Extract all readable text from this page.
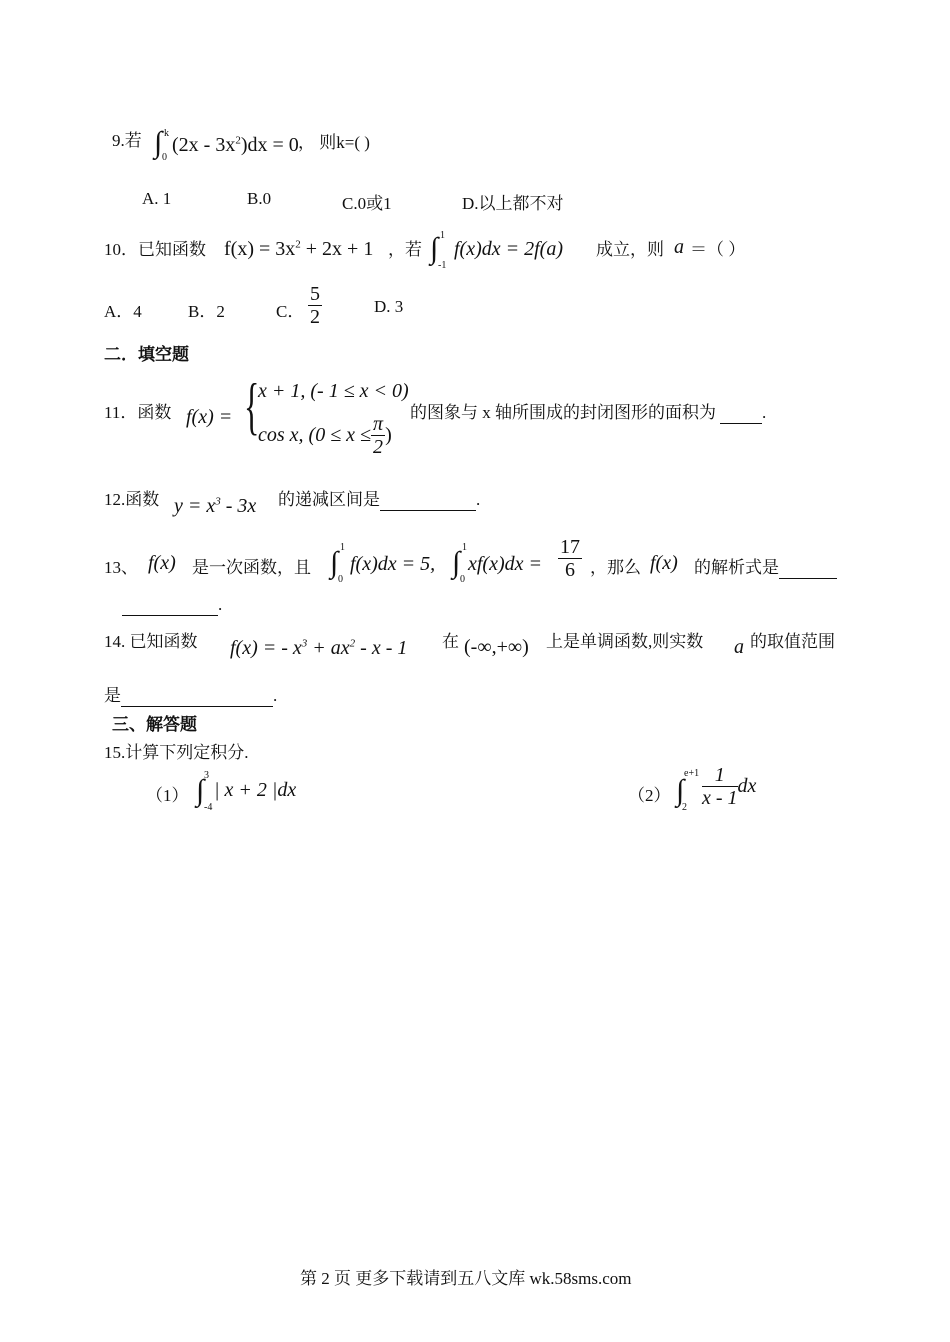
9.若 ∫ k
0
$(2x - 3x^2)dx = 0$ ， 则k=( )
A. 1	B.0	C.0或1	D.以上都不对
10．已知函数 $f(x) = 3x^2 + 2x + 1$ ，若 ∫ 1
-1
f(x)dx = 2f(a) 成立，则 a ＝（ ）
A．4	B．2	C． $\frac{5}{2}$	D. 3
二．填空题
11．函数 f(x) = {
x + 1, (- 1 ≤ x < 0)
cos x, ($0 \le x \le \frac{\pi}{2}$ )
的图象与 x 轴所围成的封闭图形的面积为	.
12.函数 $y = x^3 - 3x$ 的递减区间是	.
13、 f(x) 是一次函数，且 ∫ 1
0
f(x)dx = 5, ∫ 1
0
$xf(x)dx = \frac{17}{6}$ ，那么 f(x) 的解析式是
.
14. 已知函数 f(x) = - $x^3 + ax^2 - x - 1$ 在 (-∞,+∞) 上是单调函数,则实数 a 的取值范围
是	.
三、解答题
15.计算下列定积分.
（1） ∫ 3
-4
| x + 2 |dx	（2） ∫
e+1
$2 \frac{1}{x - 1}$ dx
第 2 页 更多下载请到五八文库 wk.58sms.com
